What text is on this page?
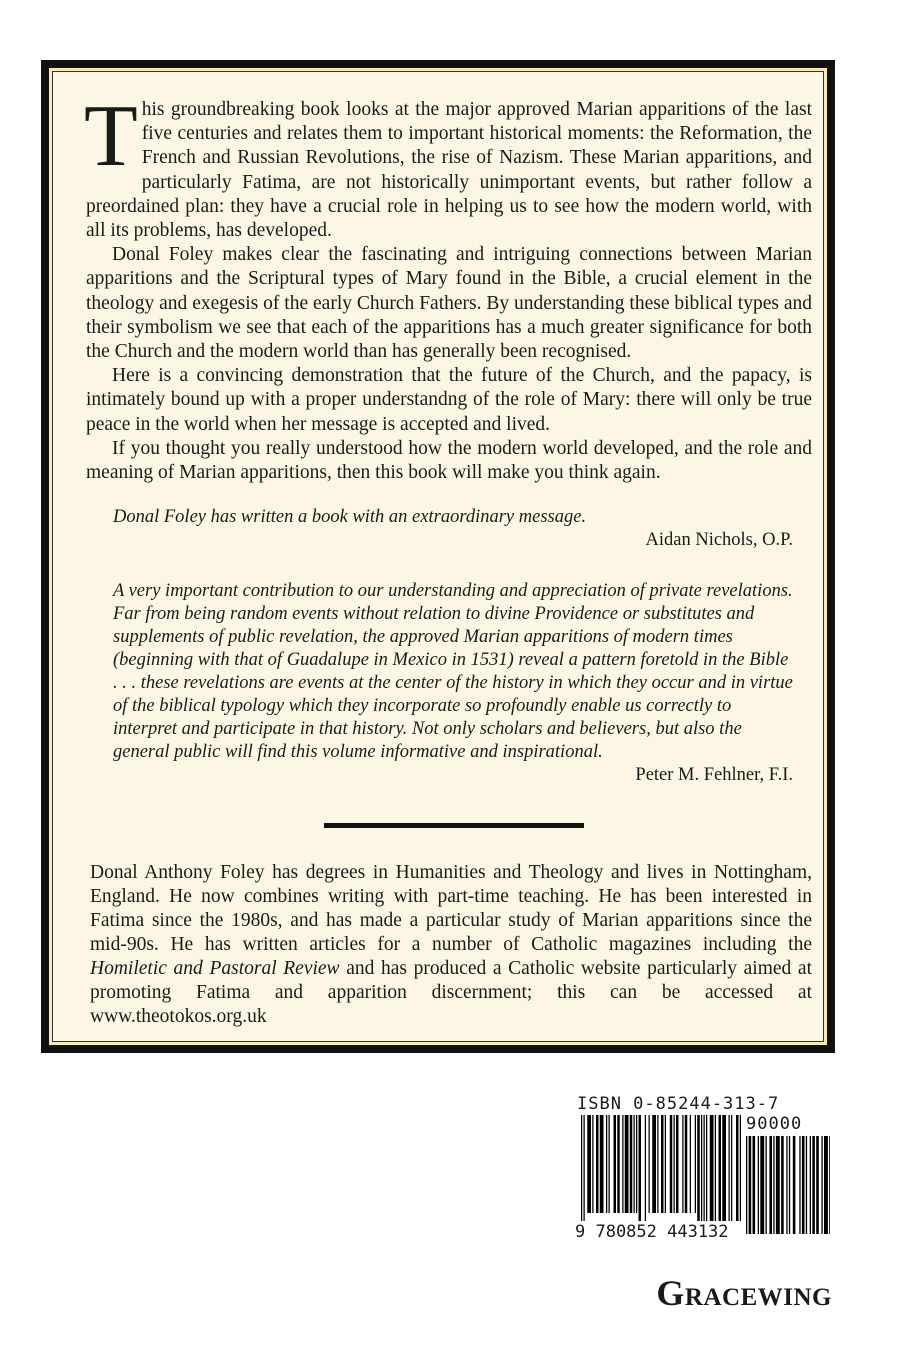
This groundbreaking book looks at the major approved Marian apparitions of the last five centuries and relates them to important historical moments: the Reformation, the French and Russian Revolutions, the rise of Nazism. These Marian apparitions, and particularly Fatima, are not historically unimportant events, but rather follow a preordained plan: they have a crucial role in helping us to see how the modern world, with all its problems, has developed.

Donal Foley makes clear the fascinating and intriguing connections between Marian apparitions and the Scriptural types of Mary found in the Bible, a crucial element in the theology and exegesis of the early Church Fathers. By understanding these biblical types and their symbolism we see that each of the apparitions has a much greater significance for both the Church and the modern world than has generally been recognised.

Here is a convincing demonstration that the future of the Church, and the papacy, is intimately bound up with a proper understandng of the role of Mary: there will only be true peace in the world when her message is accepted and lived.

If you thought you really understood how the modern world developed, and the role and meaning of Marian apparitions, then this book will make you think again.

Donal Foley has written a book with an extraordinary message.
Aidan Nichols, O.P.
A very important contribution to our understanding and appreciation of private revelations. Far from being random events without relation to divine Providence or substitutes and supplements of public revelation, the approved Marian apparitions of modern times (beginning with that of Guadalupe in Mexico in 1531) reveal a pattern foretold in the Bible . . . these revelations are events at the center of the history in which they occur and in virtue of the biblical typology which they incorporate so profoundly enable us correctly to interpret and participate in that history. Not only scholars and believers, but also the general public will find this volume informative and inspirational.
Peter M. Fehlner, F.I.
Donal Anthony Foley has degrees in Humanities and Theology and lives in Nottingham, England. He now combines writing with part-time teaching. He has been interested in Fatima since the 1980s, and has made a particular study of Marian apparitions since the mid-90s. He has written articles for a number of Catholic magazines including the Homiletic and Pastoral Review and has produced a Catholic website particularly aimed at promoting Fatima and apparition discernment; this can be accessed at www.theotokos.org.uk
ISBN 0-85244-313-7
90000
9 780852 443132
Gracewing
